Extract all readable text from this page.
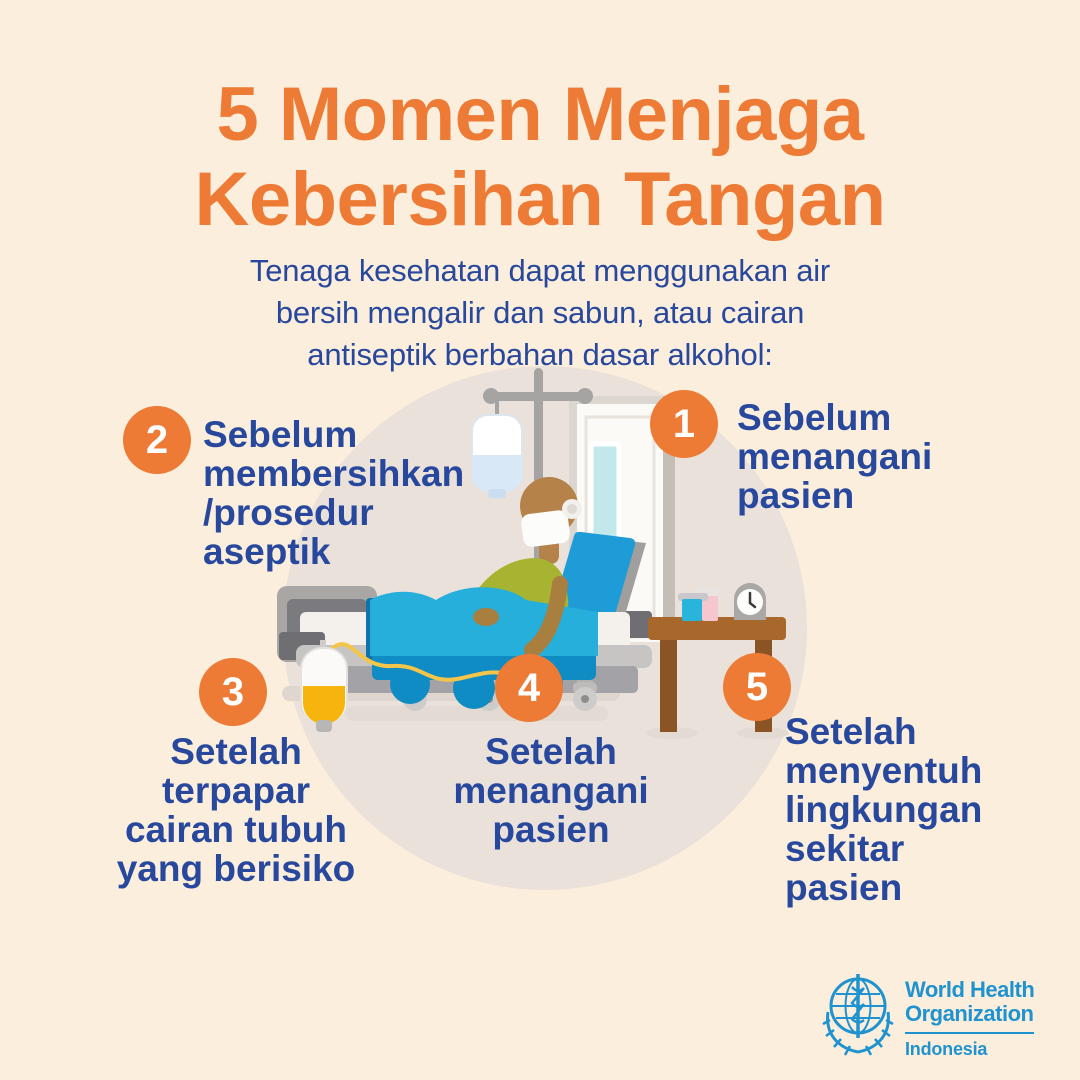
5 Momen Menjaga
Kebersihan Tangan
Tenaga kesehatan dapat menggunakan air
bersih mengalir dan sabun, atau cairan
antiseptik berbahan dasar alkohol:
1	Sebelum
menangani
pasien
2 Sebelum
membersihkan
/prosedur
aseptik
3
Setelah
terpapar
cairan tubuh
yang berisiko
4
Setelah
menangani
pasien
5
Setelah
menyentuh
lingkungan
sekitar
pasien
World Health
Organization
Indonesia
